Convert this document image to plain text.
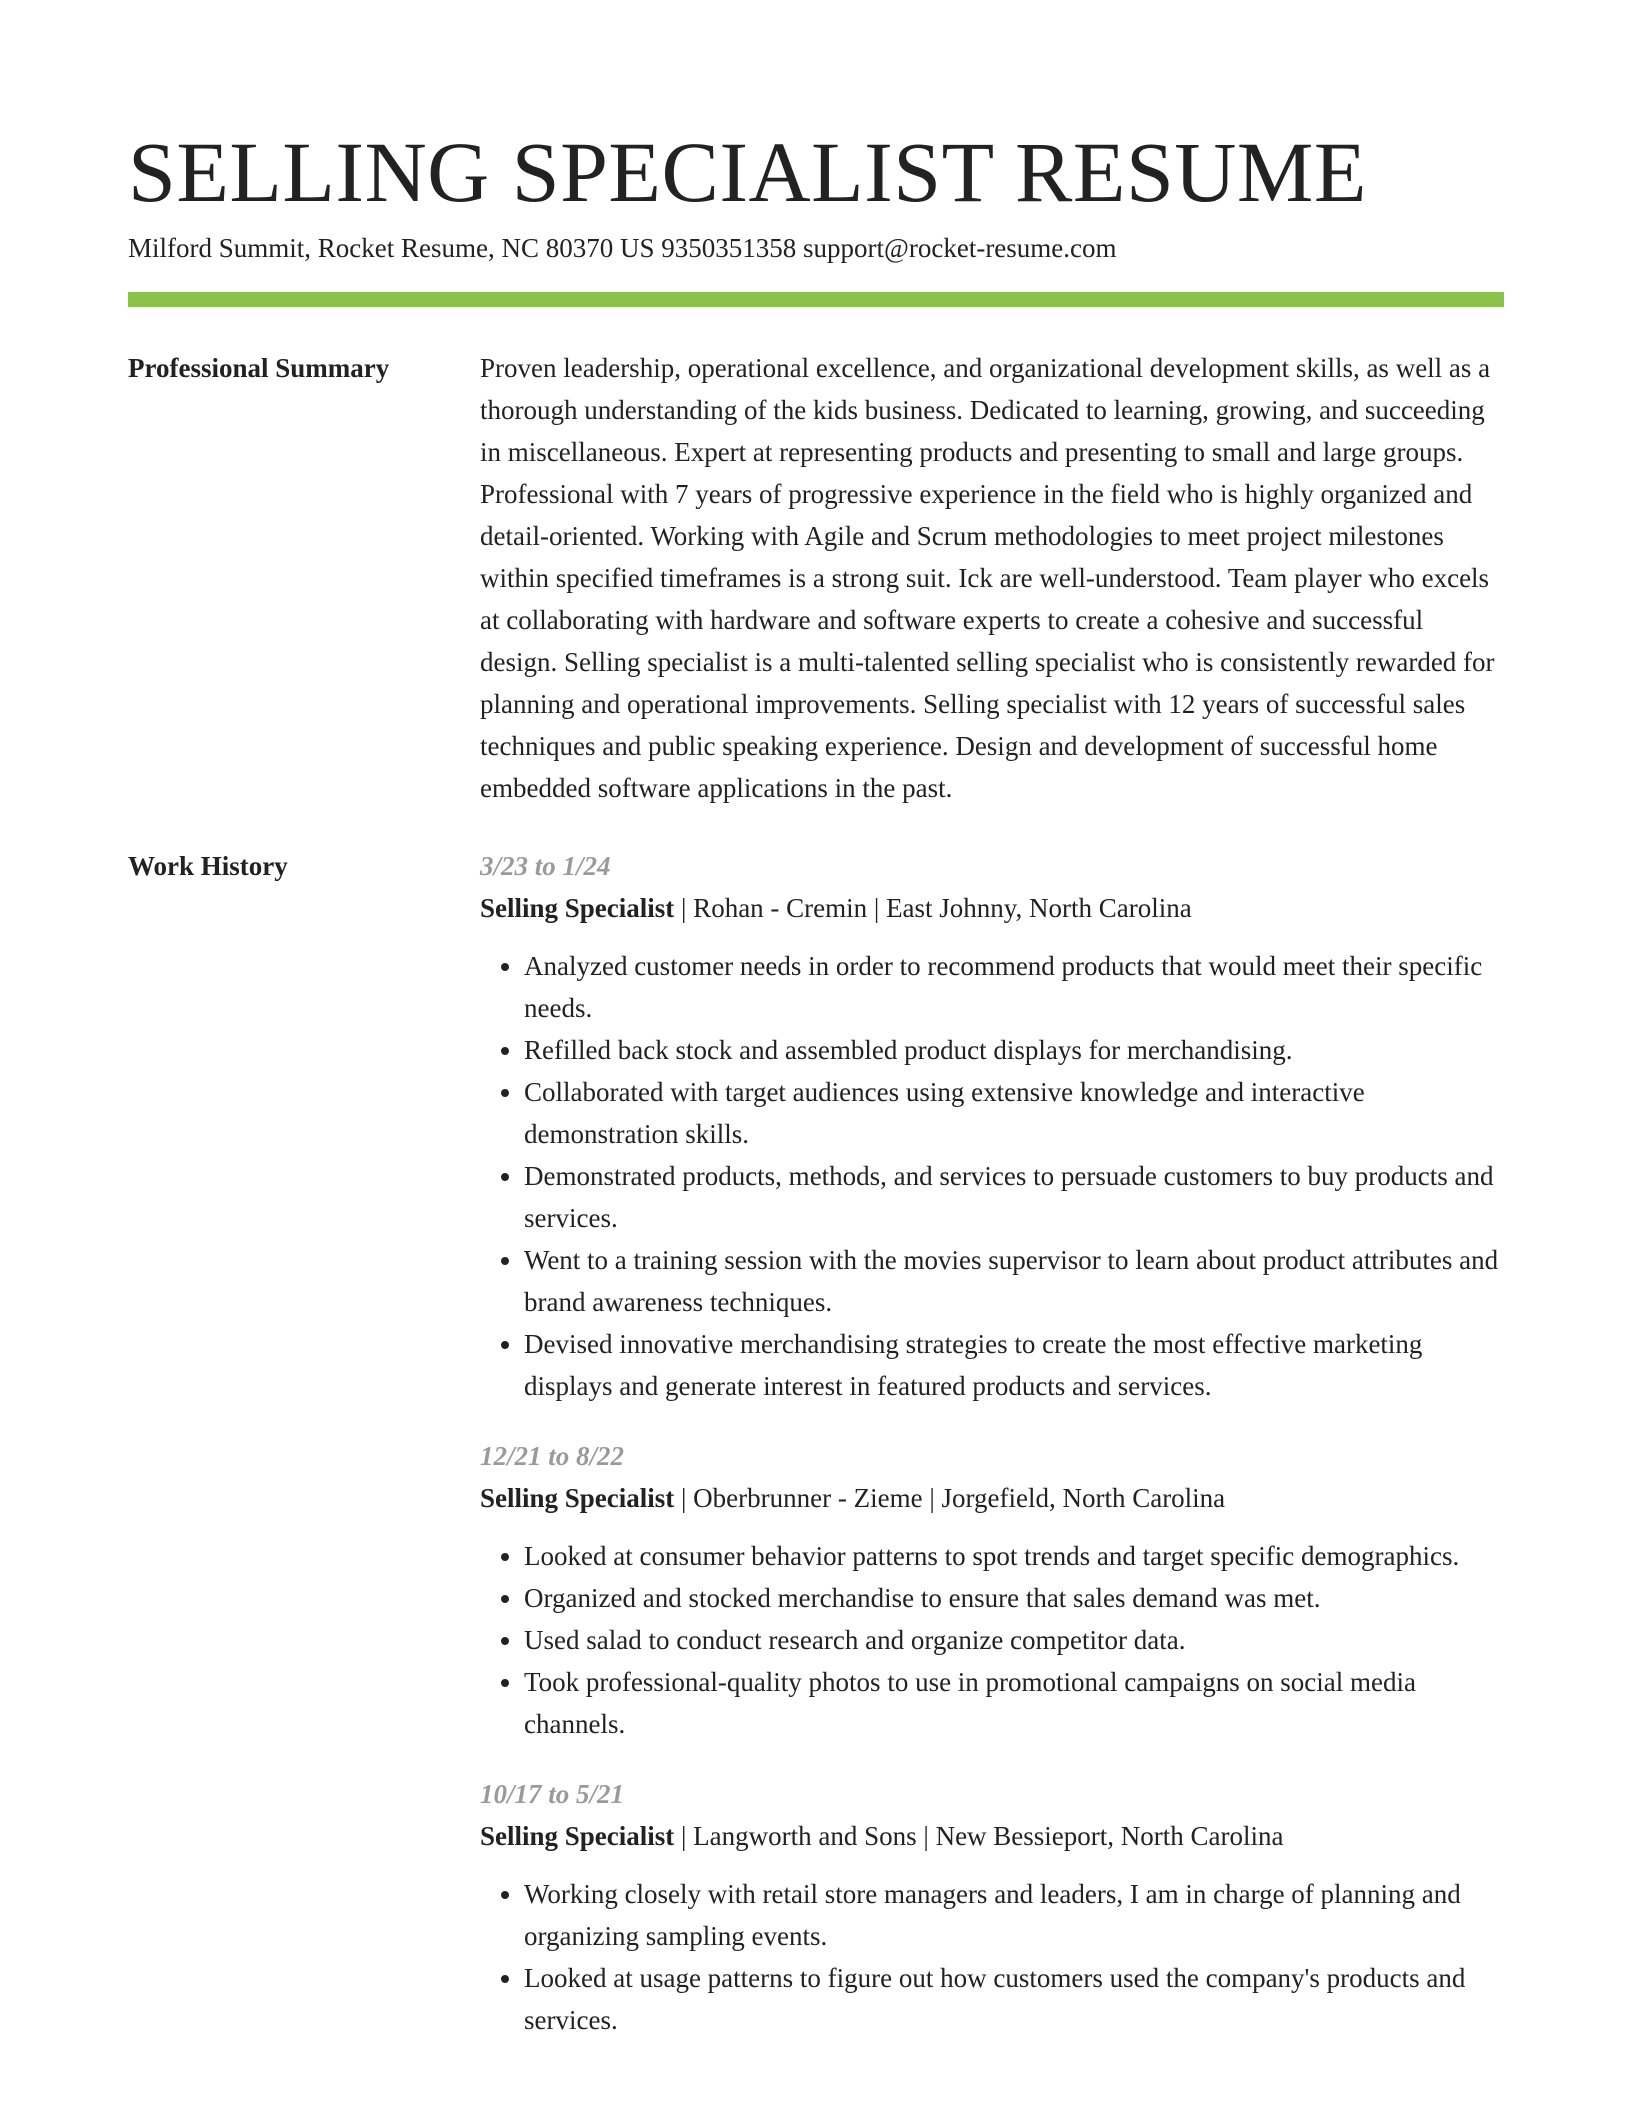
SELLING SPECIALIST RESUME
Milford Summit, Rocket Resume, NC 80370 US 9350351358 support@rocket-resume.com
Professional Summary	Proven leadership, operational excellence, and organizational development skills, as well as a thorough understanding of the kids business. Dedicated to learning, growing, and succeeding in miscellaneous. Expert at representing products and presenting to small and large groups. Professional with 7 years of progressive experience in the field who is highly organized and detail-oriented. Working with Agile and Scrum methodologies to meet project milestones within specified timeframes is a strong suit. Ick are well-understood. Team player who excels at collaborating with hardware and software experts to create a cohesive and successful design. Selling specialist is a multi-talented selling specialist who is consistently rewarded for planning and operational improvements. Selling specialist with 12 years of successful sales techniques and public speaking experience. Design and development of successful home embedded software applications in the past.

Work History	3/23 to 1/24
Selling Specialist | Rohan - Cremin | East Johnny, North Carolina
• Analyzed customer needs in order to recommend products that would meet their specific needs.
• Refilled back stock and assembled product displays for merchandising.
• Collaborated with target audiences using extensive knowledge and interactive demonstration skills.
• Demonstrated products, methods, and services to persuade customers to buy products and services.
• Went to a training session with the movies supervisor to learn about product attributes and brand awareness techniques.
• Devised innovative merchandising strategies to create the most effective marketing displays and generate interest in featured products and services.
12/21 to 8/22
Selling Specialist | Oberbrunner - Zieme | Jorgefield, North Carolina
• Looked at consumer behavior patterns to spot trends and target specific demographics.
• Organized and stocked merchandise to ensure that sales demand was met.
• Used salad to conduct research and organize competitor data.
• Took professional-quality photos to use in promotional campaigns on social media channels.
10/17 to 5/21
Selling Specialist | Langworth and Sons | New Bessieport, North Carolina
• Working closely with retail store managers and leaders, I am in charge of planning and organizing sampling events.
• Looked at usage patterns to figure out how customers used the company's products and services.
